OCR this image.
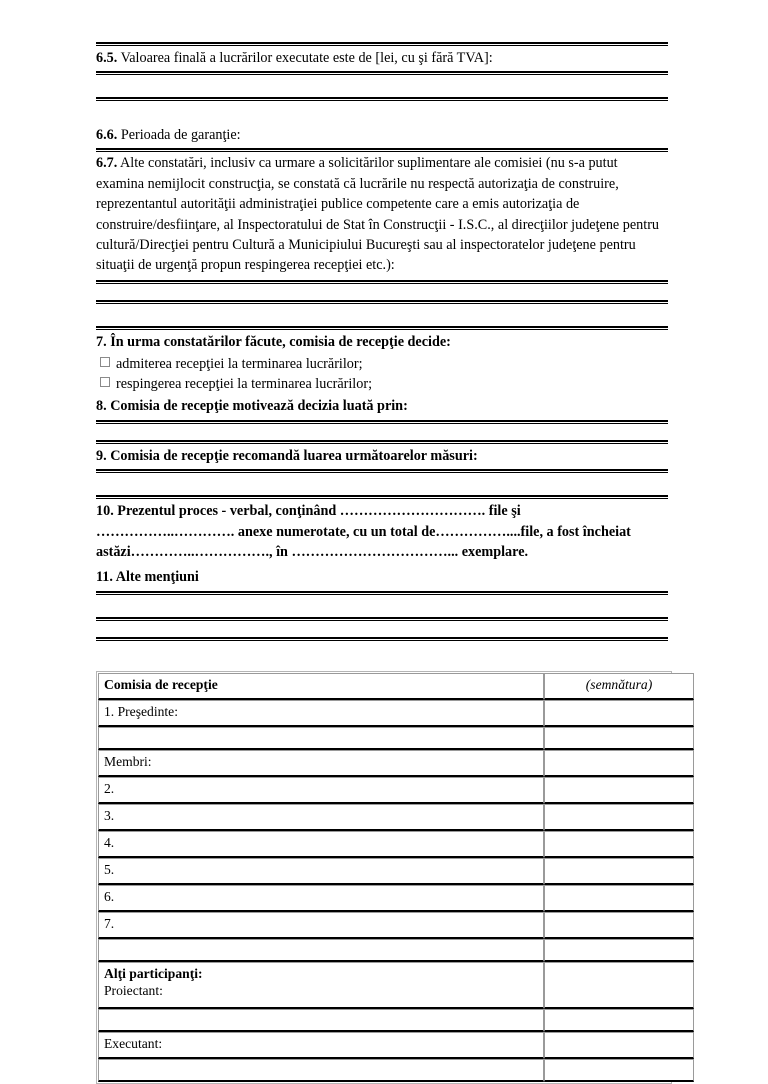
6.5. Valoarea finală a lucrărilor executate este de [lei, cu şi fără TVA]:
6.6. Perioada de garanţie:
6.7. Alte constatări, inclusiv ca urmare a solicitărilor suplimentare ale comisiei (nu s-a putut examina nemijlocit construcţia, se constată că lucrările nu respectă autorizaţia de construire, reprezentantul autorităţii administraţiei publice competente care a emis autorizaţia de construire/desfiinţare, al Inspectoratului de Stat în Construcţii - I.S.C., al direcţiilor judeţene pentru cultură/Direcţiei pentru Cultură a Municipiului Bucureşti sau al inspectoratelor judeţene pentru situaţii de urgenţă propun respingerea recepţiei etc.):
7. În urma constatărilor făcute, comisia de recepţie decide:
admiterea recepţiei la terminarea lucrărilor;
respingerea recepţiei la terminarea lucrărilor;
8. Comisia de recepţie motivează decizia luată prin:
9. Comisia de recepţie recomandă luarea următoarelor măsuri:
10. Prezentul proces - verbal, conţinând …………………………. file şi
……………..…………. anexe numerotate, cu un total de……………....file, a fost încheiat
astăzi…………..……………., în ……………………………... exemplare.
11. Alte menţiuni
Comisia de recepţie	(semnătura)
1. Preşedinte:	

Membri:	
2.	
3.	
4.	
5.	
6.	
7.	

Alţi participanţi:
Proiectant:	

Executant:	
